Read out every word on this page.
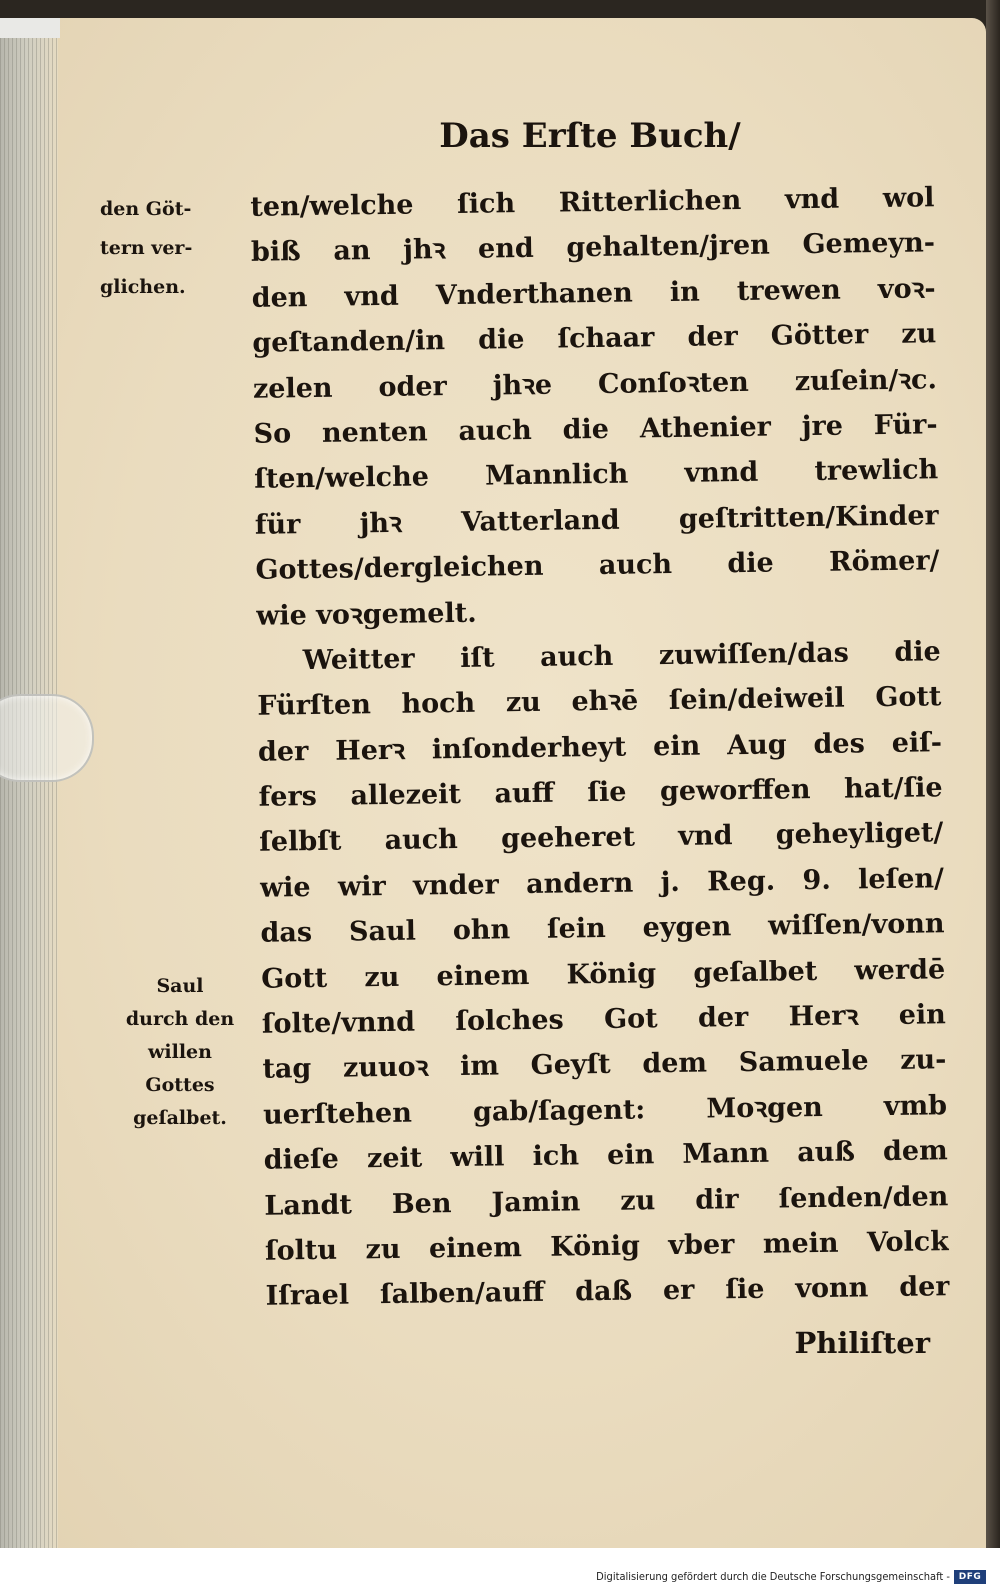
Das Erſte Buch/
den Göt-
tern ver-
glichen.
Saul
durch den
willen
Gottes
geſalbet.
ten/welche ſich Ritterlichen vnd wol
biß an jhꝛ end gehalten/jren Gemeyn-
den vnd Vnderthanen in trewen voꝛ-
geſtanden/in die ſchaar der Götter zu
zelen oder jhꝛe Conſoꝛten zuſein/ꝛc.
So nenten auch die Athenier jre Für-
ſten/welche Mannlich vnnd trewlich
für jhꝛ Vatterland geſtritten/Kinder
Gottes/dergleichen auch die Römer/
wie voꝛgemelt.
Weitter iſt auch zuwiſſen/das die
Fürſten hoch zu ehꝛē ſein/deiweil Gott
der Herꝛ inſonderheyt ein Aug des eiſ-
fers allezeit auff ſie geworffen hat/ſie
ſelbſt auch geeheret vnd geheyliget/
wie wir vnder andern j. Reg. 9. leſen/
das Saul ohn ſein eygen wiſſen/vonn
Gott zu einem König geſalbet werdē
ſolte/vnnd ſolches Got der Herꝛ ein
tag zuuoꝛ im Geyſt dem Samuele zu-
uerſtehen gab/ſagent: Moꝛgen vmb
dieſe zeit will ich ein Mann auß dem
Landt Ben Jamin zu dir ſenden/den
ſoltu zu einem König vber mein Volck
Iſrael ſalben/auff daß er ſie vonn der
Philiſter
Digitalisierung gefördert durch die Deutsche Forschungsgemeinschaft - DFG
